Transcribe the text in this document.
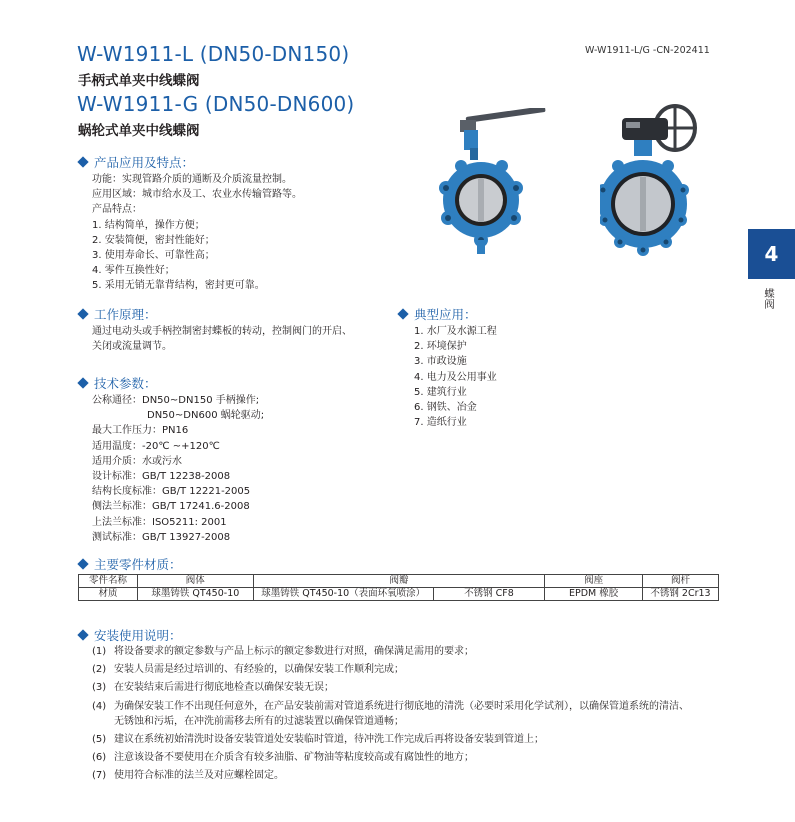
W-W1911-L (DN50-DN150)
手柄式单夹中线蝶阀
W-W1911-G (DN50-DN600)
蜗轮式单夹中线蝶阀
W-W1911-L/G -CN-202411
4
蝶阀
产品应用及特点：
功能：实现管路介质的通断及介质流量控制。
应用区域：城市给水及工、农业水传输管路等。
产品特点：
1. 结构简单，操作方便；
2. 安装简便，密封性能好；
3. 使用寿命长、可靠性高；
4. 零件互换性好；
5. 采用无销无靠背结构，密封更可靠。
工作原理：
通过电动头或手柄控制密封蝶板的转动，控制阀门的开启、
关闭或流量调节。
典型应用：
1. 水厂及水源工程
2. 环境保护
3. 市政设施
4. 电力及公用事业
5. 建筑行业
6. 钢铁、冶金
7. 造纸行业
技术参数：
公称通径：DN50~DN150 手柄操作;
DN50~DN600 蜗轮驱动;
最大工作压力：PN16
适用温度：-20℃ ~+120℃
适用介质：水或污水
设计标准：GB/T 12238-2008
结构长度标准：GB/T 12221-2005
侧法兰标准：GB/T 17241.6-2008
上法兰标准：ISO5211: 2001
测试标准：GB/T 13927-2008
主要零件材质：
零件名称	阀体	阀瓣		阀座	阀杆
材质	球墨铸铁 QT450-10	球墨铸铁 QT450-10（表面环氧喷涂）	不锈钢 CF8	EPDM 橡胶	不锈钢 2Cr13
安装使用说明：
(1) 将设备要求的额定参数与产品上标示的额定参数进行对照，确保满足需用的要求；
(2) 安装人员需是经过培训的、有经验的，以确保安装工作顺利完成；
(3) 在安装结束后需进行彻底地检查以确保安装无误；
(4) 为确保安装工作不出现任何意外，在产品安装前需对管道系统进行彻底地的清洗（必要时采用化学试剂），以确保管道系统的清洁、
无锈蚀和污垢，在冲洗前需移去所有的过滤装置以确保管道通畅；
(5) 建议在系统初始清洗时设备安装管道处安装临时管道，待冲洗工作完成后再将设备安装到管道上；
(6) 注意该设备不要使用在介质含有较多油脂、矿物油等粘度较高或有腐蚀性的地方；
(7) 使用符合标准的法兰及对应螺栓固定。
